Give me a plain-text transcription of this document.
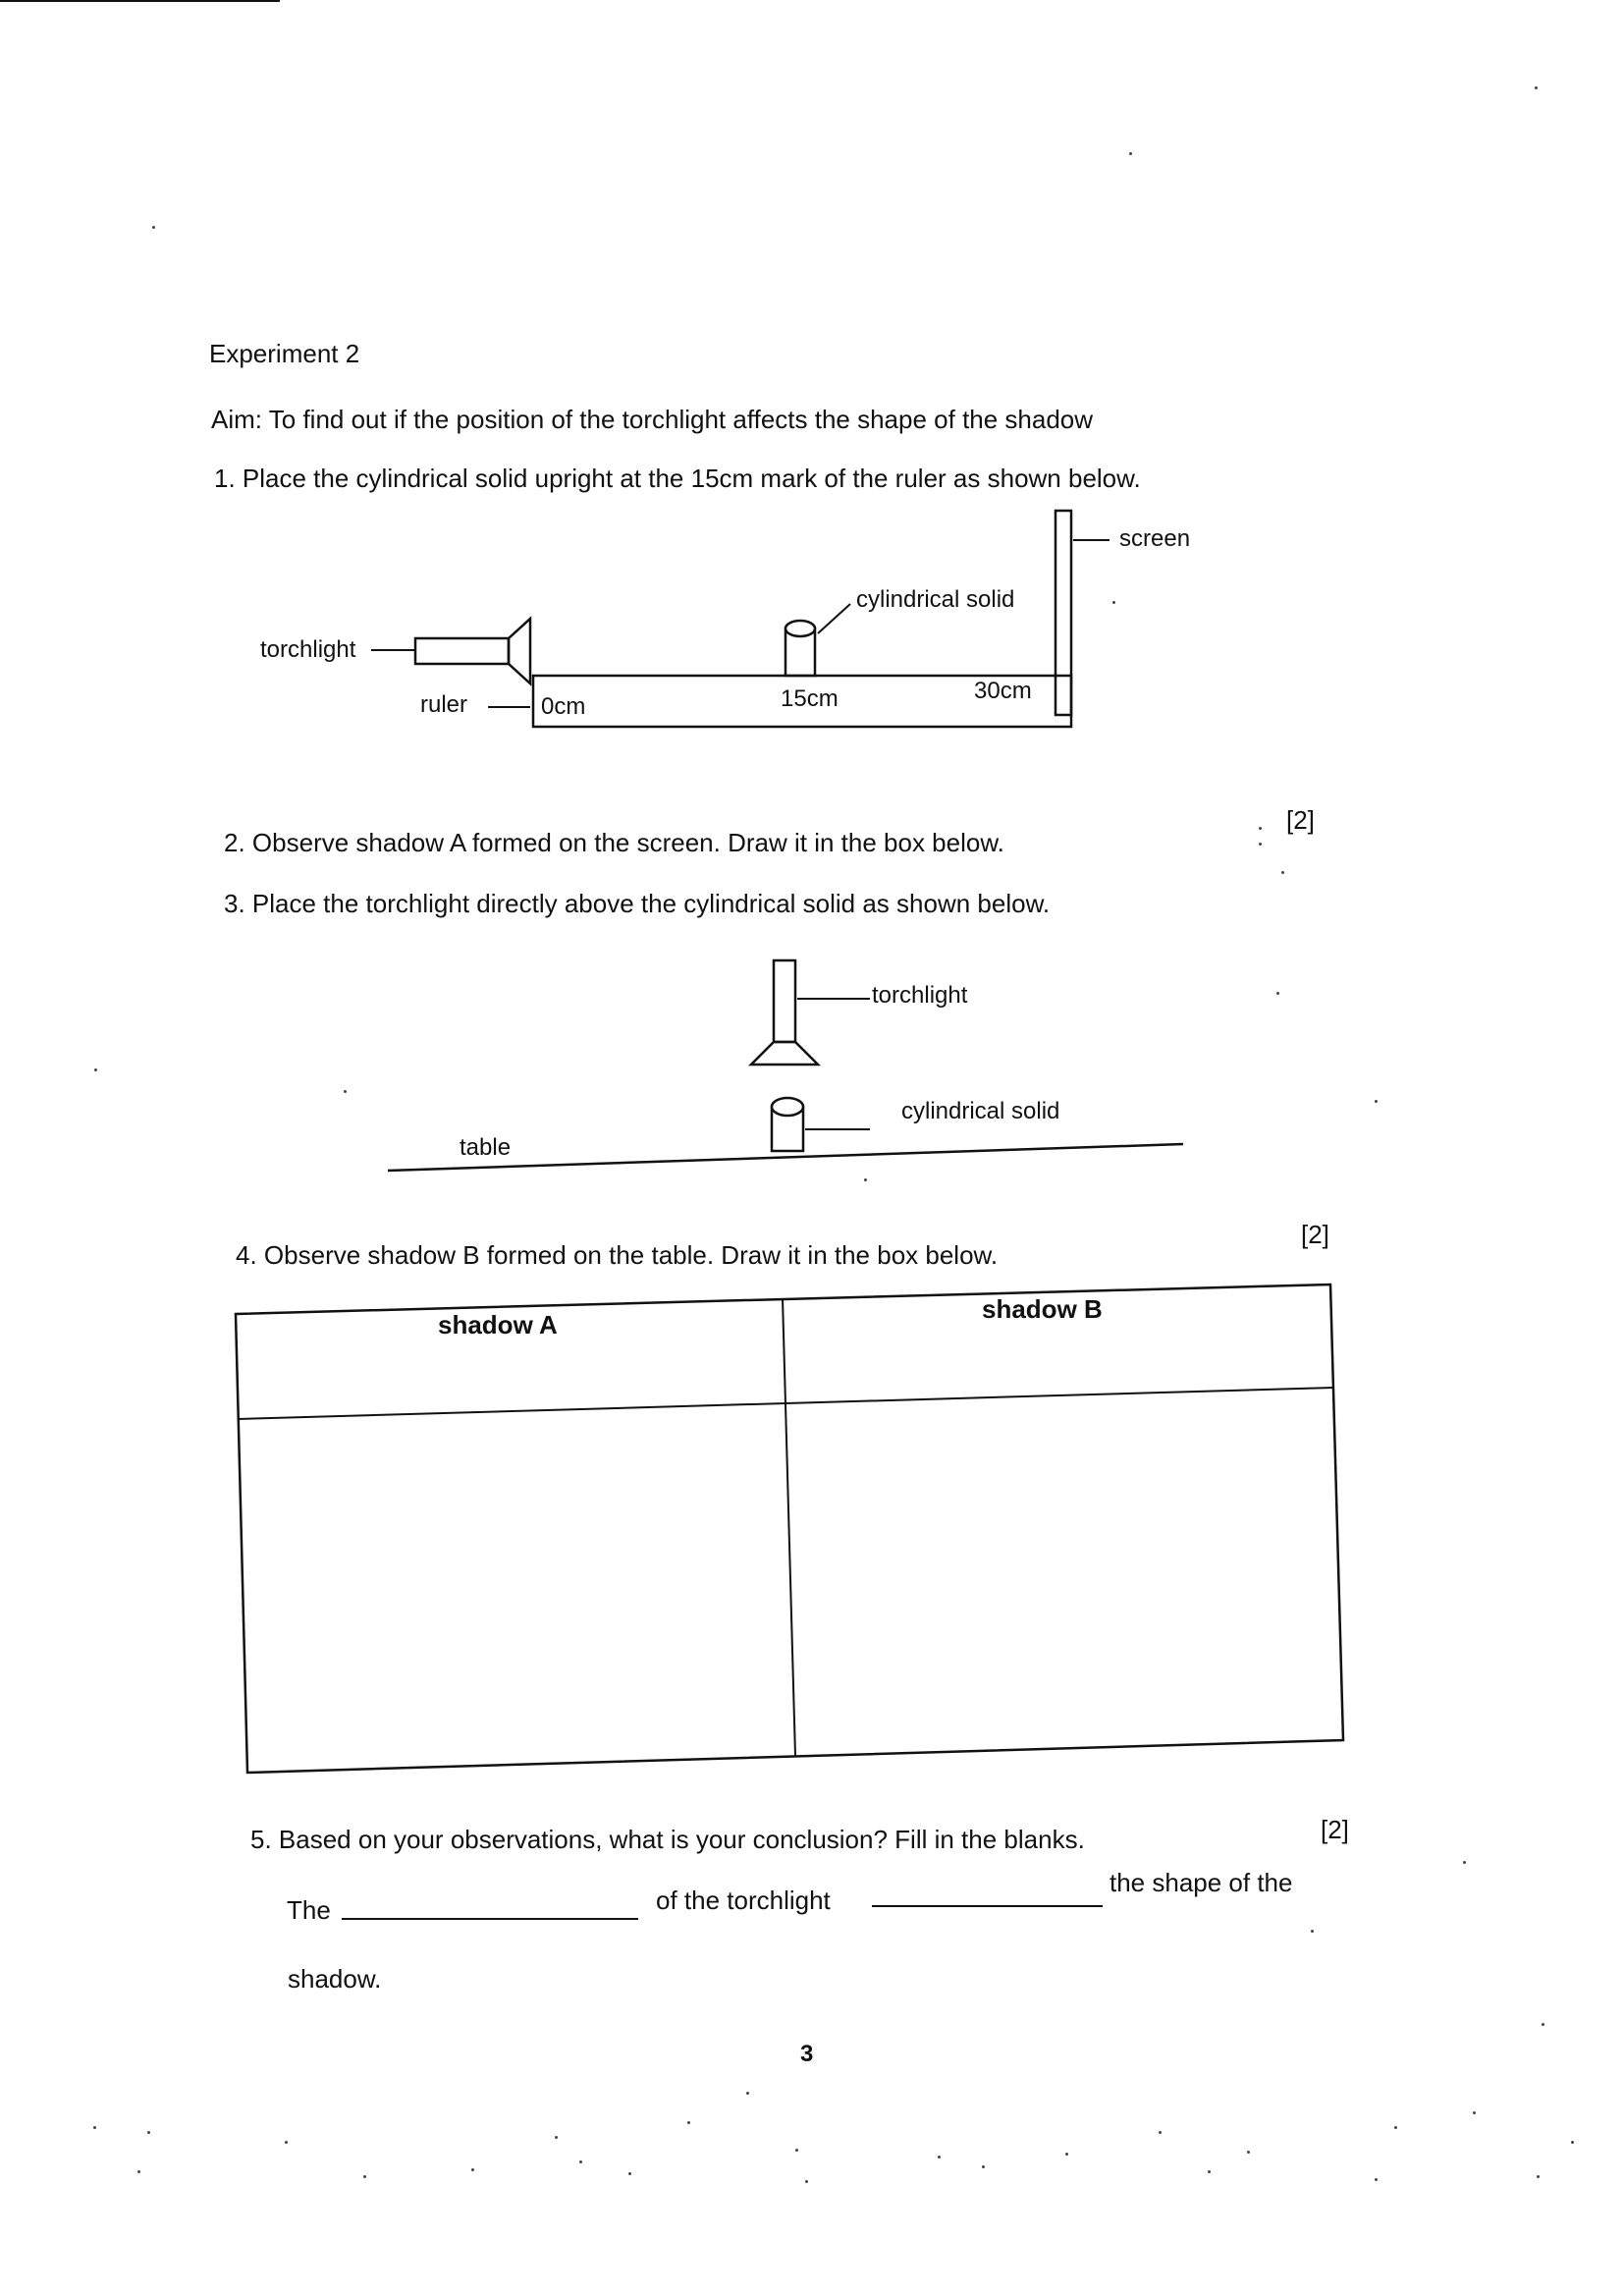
Experiment 2
Aim: To find out if the position of the torchlight affects the shape of the shadow
1. Place the cylindrical solid upright at the 15cm mark of the ruler as shown below.
screen
cylindrical solid
torchlight
ruler	0cm	15cm	30cm
2. Observe shadow A formed on the screen. Draw it in the box below.
[2]
3. Place the torchlight directly above the cylindrical solid as shown below.
torchlight
cylindrical solid
table
4. Observe shadow B formed on the table. Draw it in the box below.
[2]
shadow A
shadow B
5. Based on your observations, what is your conclusion? Fill in the blanks.	[2]
The	of the torchlight
the shape of the
shadow.
3
